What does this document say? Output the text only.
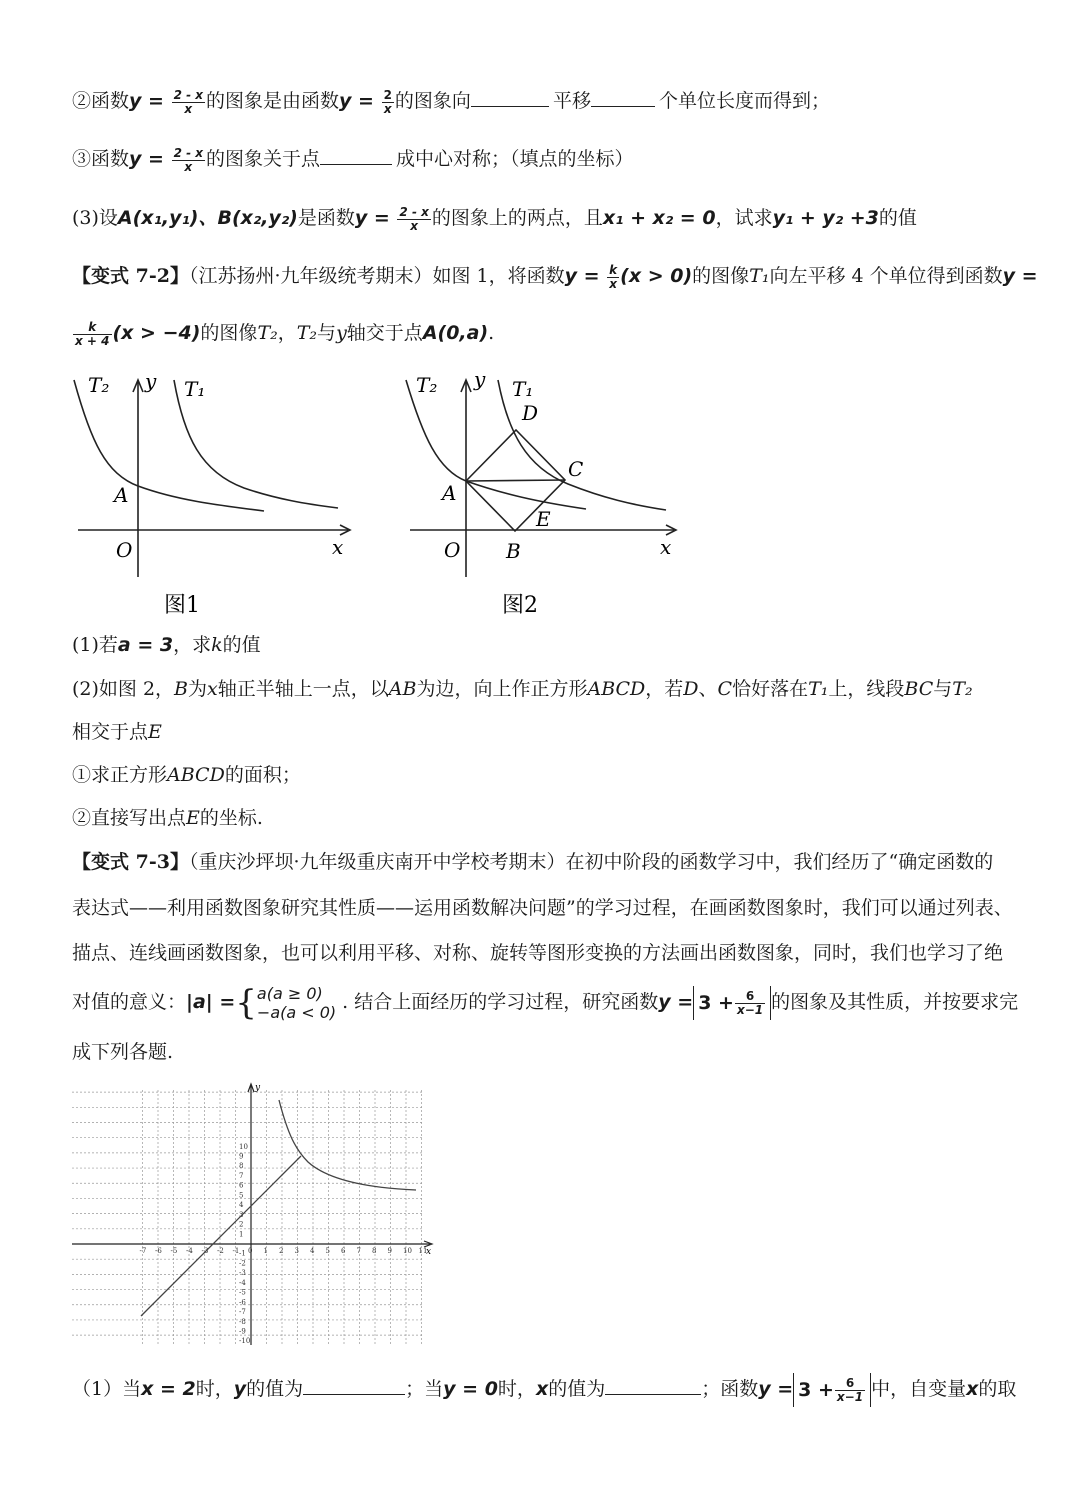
②函数$y = \frac{2 - x}{x}$ 的图象是由函数$y = \frac{2}{x}$ 的图象向	平移	个单位长度而得到；
③函数$y = \frac{2 - x}{x}$ 的图象关于点	成中心对称；（填点的坐标）
(3)设A(x₁,y₁)、B(x₂,y₂)是函数$y = \frac{2 - x}{x}$ 的图象上的两点，且x₁ + x₂ = 0，试求y₁ + y₂ +3的值
【变式 7-2】（江苏扬州·九年级统考期末）如图 1，将函数$y = \frac{k}{x} (x > 0)$的图像T₁向左平移 4 个单位得到函数y =
$\frac{k}{x + 4} (x > -4)$的图像T₂，T₂与y轴交于点A(0,a).
T₂ y T₁
A
O	x
图1
T₂ y T₁
D
C
A
E
O B	x
图2
(1)若a = 3，求k的值
(2)如图 2，B为x轴正半轴上一点，以AB为边，向上作正方形ABCD，若D、C恰好落在T₁上，线段BC与T₂
相交于点E
①求正方形ABCD的面积；
②直接写出点E的坐标.
【变式 7-3】（重庆沙坪坝·九年级重庆南开中学校考期末）在初中阶段的函数学习中，我们经历了“确定函数的
表达式——利用函数图象研究其性质——运用函数解决问题”的学习过程，在画函数图象时，我们可以通过列表、
描点、连线画函数图象，也可以利用平移、对称、旋转等图形变换的方法画出函数图象，同时，我们也学习了绝
对值的意义：|a| ={ a(a ≥ 0)
−a(a < 0) . 结合上面经历的学习过程，研究函数$y = 3 + \frac{6}{x-1}$ 的图象及其性质，并按要求完
成下列各题.
-7 -6 -5 -4 -3 -2 -1 0 1 2 3 4 5 6 7 8 9 10 11
10
9
8
7
6
5
4
3
2
1
-1
-2
-3
-4
-5
-6
-7
-8
-9
-10
y
x
（1）当x = 2时，y的值为	；当y = 0时，x的值为	；函数$y = 3 + \frac{6}{x-1}$ 中，自变量x的取
